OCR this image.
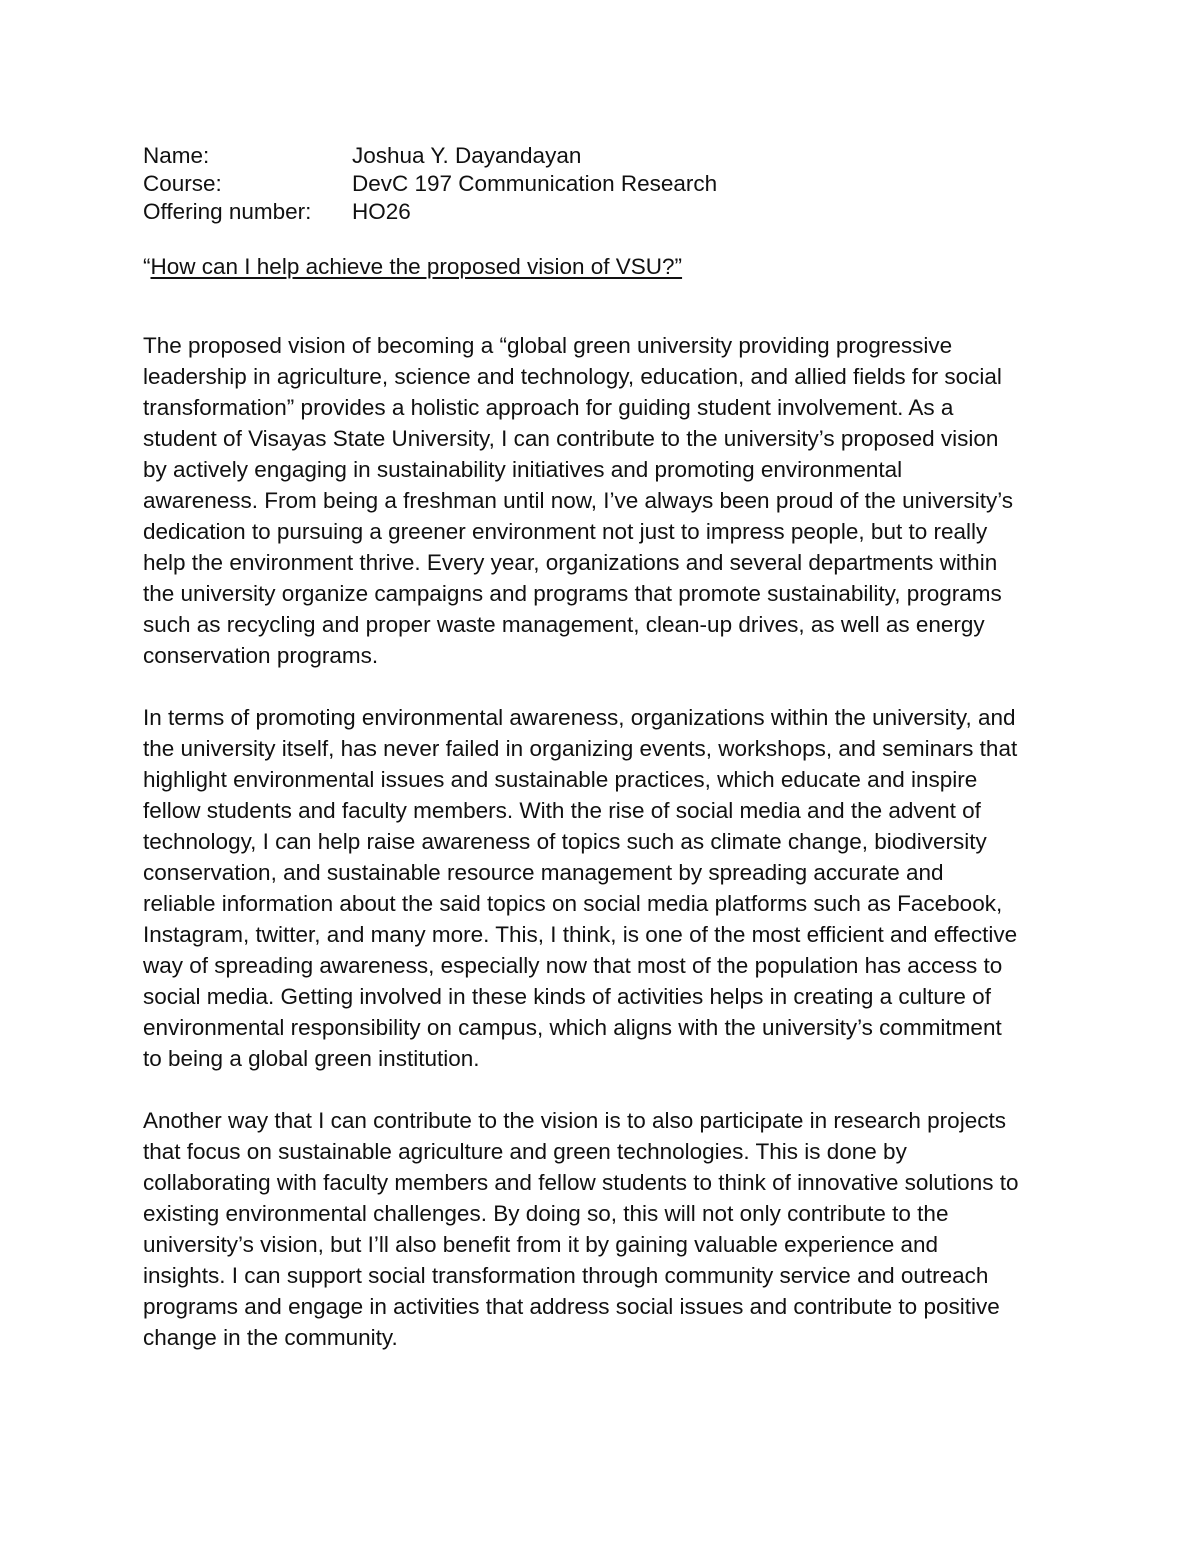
Name:	Joshua Y. Dayandayan
Course:	DevC 197 Communication Research
Offering number:	HO26
“How can I help achieve the proposed vision of VSU?”
The proposed vision of becoming a “global green university providing progressive
leadership in agriculture, science and technology, education, and allied fields for social
transformation” provides a holistic approach for guiding student involvement. As a
student of Visayas State University, I can contribute to the university’s proposed vision
by actively engaging in sustainability initiatives and promoting environmental
awareness. From being a freshman until now, I’ve always been proud of the university’s
dedication to pursuing a greener environment not just to impress people, but to really
help the environment thrive. Every year, organizations and several departments within
the university organize campaigns and programs that promote sustainability, programs
such as recycling and proper waste management, clean-up drives, as well as energy
conservation programs.
In terms of promoting environmental awareness, organizations within the university, and
the university itself, has never failed in organizing events, workshops, and seminars that
highlight environmental issues and sustainable practices, which educate and inspire
fellow students and faculty members. With the rise of social media and the advent of
technology, I can help raise awareness of topics such as climate change, biodiversity
conservation, and sustainable resource management by spreading accurate and
reliable information about the said topics on social media platforms such as Facebook,
Instagram, twitter, and many more. This, I think, is one of the most efficient and effective
way of spreading awareness, especially now that most of the population has access to
social media. Getting involved in these kinds of activities helps in creating a culture of
environmental responsibility on campus, which aligns with the university’s commitment
to being a global green institution.
Another way that I can contribute to the vision is to also participate in research projects
that focus on sustainable agriculture and green technologies. This is done by
collaborating with faculty members and fellow students to think of innovative solutions to
existing environmental challenges. By doing so, this will not only contribute to the
university’s vision, but I’ll also benefit from it by gaining valuable experience and
insights. I can support social transformation through community service and outreach
programs and engage in activities that address social issues and contribute to positive
change in the community.
